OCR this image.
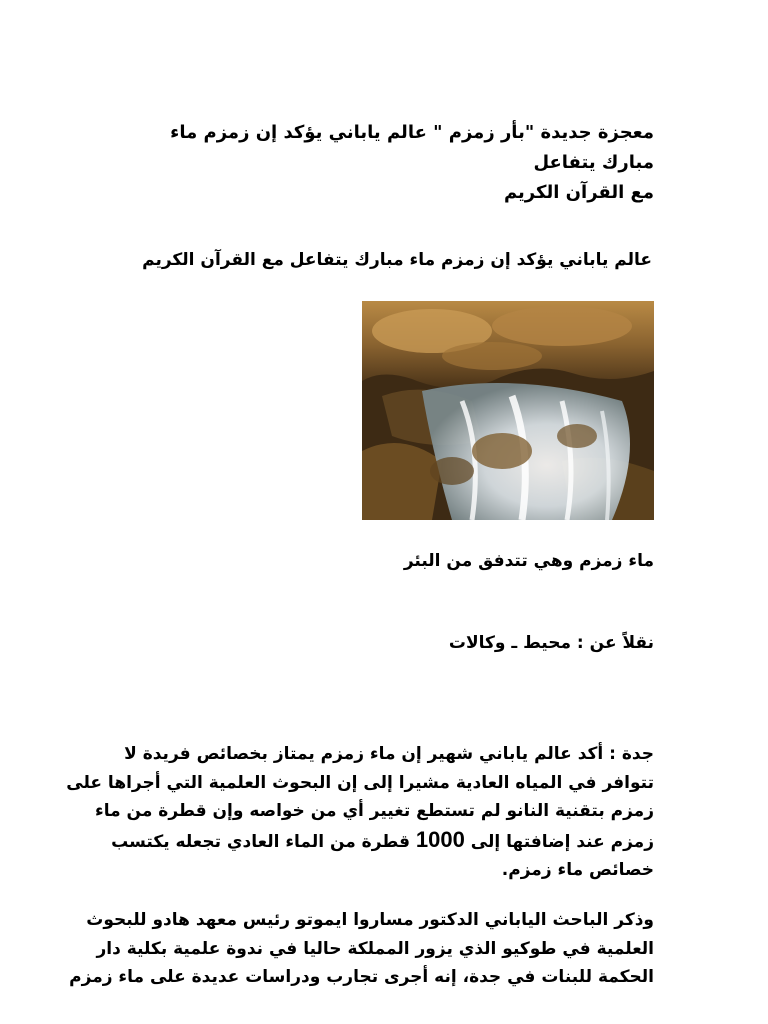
معجزة جديدة "بأر زمزم " عالم ياباني يؤكد إن زمزم ماء مبارك يتفاعل
مع القرآن الكريم
عالم ياباني يؤكد إن زمزم ماء مبارك يتفاعل مع القرآن الكريم
ماء زمزم وهي تتدفق من البئر
نقلاً عن : محيط ـ وكالات
جدة : أكد عالم ياباني شهير إن ماء زمزم يمتاز بخصائص فريدة لا
تتوافر في المياه العادية مشيرا إلى إن البحوث العلمية التي أجراها على
زمزم بتقنية النانو لم تستطع تغيير أي من خواصه وإن قطرة من ماء
زمزم عند إضافتها إلى 1000 قطرة من الماء العادي تجعله يكتسب
خصائص ماء زمزم.
وذكر الباحث الياباني الدكتور مساروا ايموتو رئيس معهد هادو للبحوث
العلمية في طوكيو الذي يزور المملكة حاليا في ندوة علمية بكلية دار
الحكمة للبنات في جدة، إنه أجرى تجارب ودراسات عديدة على ماء زمزم
